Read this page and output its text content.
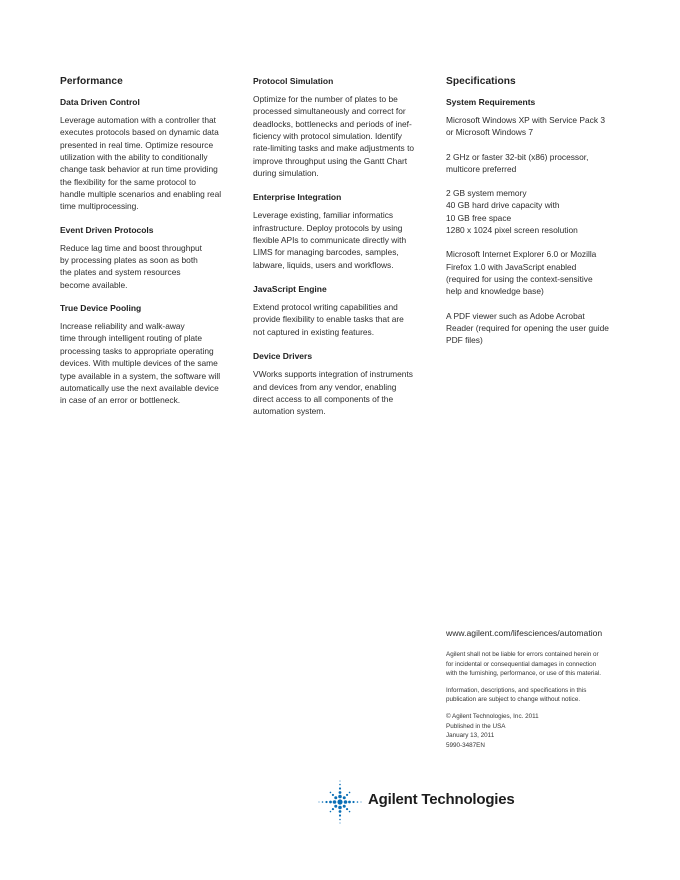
Performance
Data Driven Control

Leverage automation with a controller that
executes protocols based on dynamic data
presented in real time. Optimize resource
utilization with the ability to conditionally
change task behavior at run time providing
the flexibility for the same protocol to
handle multiple scenarios and enabling real
time multiprocessing.

Event Driven Protocols

Reduce lag time and boost throughput
by processing plates as soon as both
the plates and system resources
become available.

True Device Pooling

Increase reliability and walk-away
time through intelligent routing of plate
processing tasks to appropriate operating
devices. With multiple devices of the same
type available in a system, the software will
automatically use the next available device
in case of an error or bottleneck.

Protocol Simulation

Optimize for the number of plates to be
processed simultaneously and correct for
deadlocks, bottlenecks and periods of inef-
ficiency with protocol simulation. Identify
rate-limiting tasks and make adjustments to
improve throughput using the Gantt Chart
during simulation.

Enterprise Integration

Leverage existing, familiar informatics
infrastructure. Deploy protocols by using
flexible APIs to communicate directly with
LIMS for managing barcodes, samples,
labware, liquids, users and workflows.

JavaScript Engine

Extend protocol writing capabilities and
provide flexibility to enable tasks that are
not captured in existing features.

Device Drivers

VWorks supports integration of instruments
and devices from any vendor, enabling
direct access to all components of the
automation system.

Specifications
System Requirements

Microsoft Windows XP with Service Pack 3
or Microsoft Windows 7

2 GHz or faster 32-bit (x86) processor,
multicore preferred

2 GB system memory
40 GB hard drive capacity with
10 GB free space
1280 x 1024 pixel screen resolution

Microsoft Internet Explorer 6.0 or Mozilla
Firefox 1.0 with JavaScript enabled
(required for using the context-sensitive
help and knowledge base)

A PDF viewer such as Adobe Acrobat
Reader (required for opening the user guide
PDF files)

www.agilent.com/lifesciences/automation

Agilent shall not be liable for errors contained herein or
for incidental or consequential damages in connection
with the furnishing, performance, or use of this material.

Information, descriptions, and specifications in this
publication are subject to change without notice.

© Agilent Technologies, Inc. 2011
Published in the USA
January 13, 2011
5990-3487EN

Agilent Technologies
